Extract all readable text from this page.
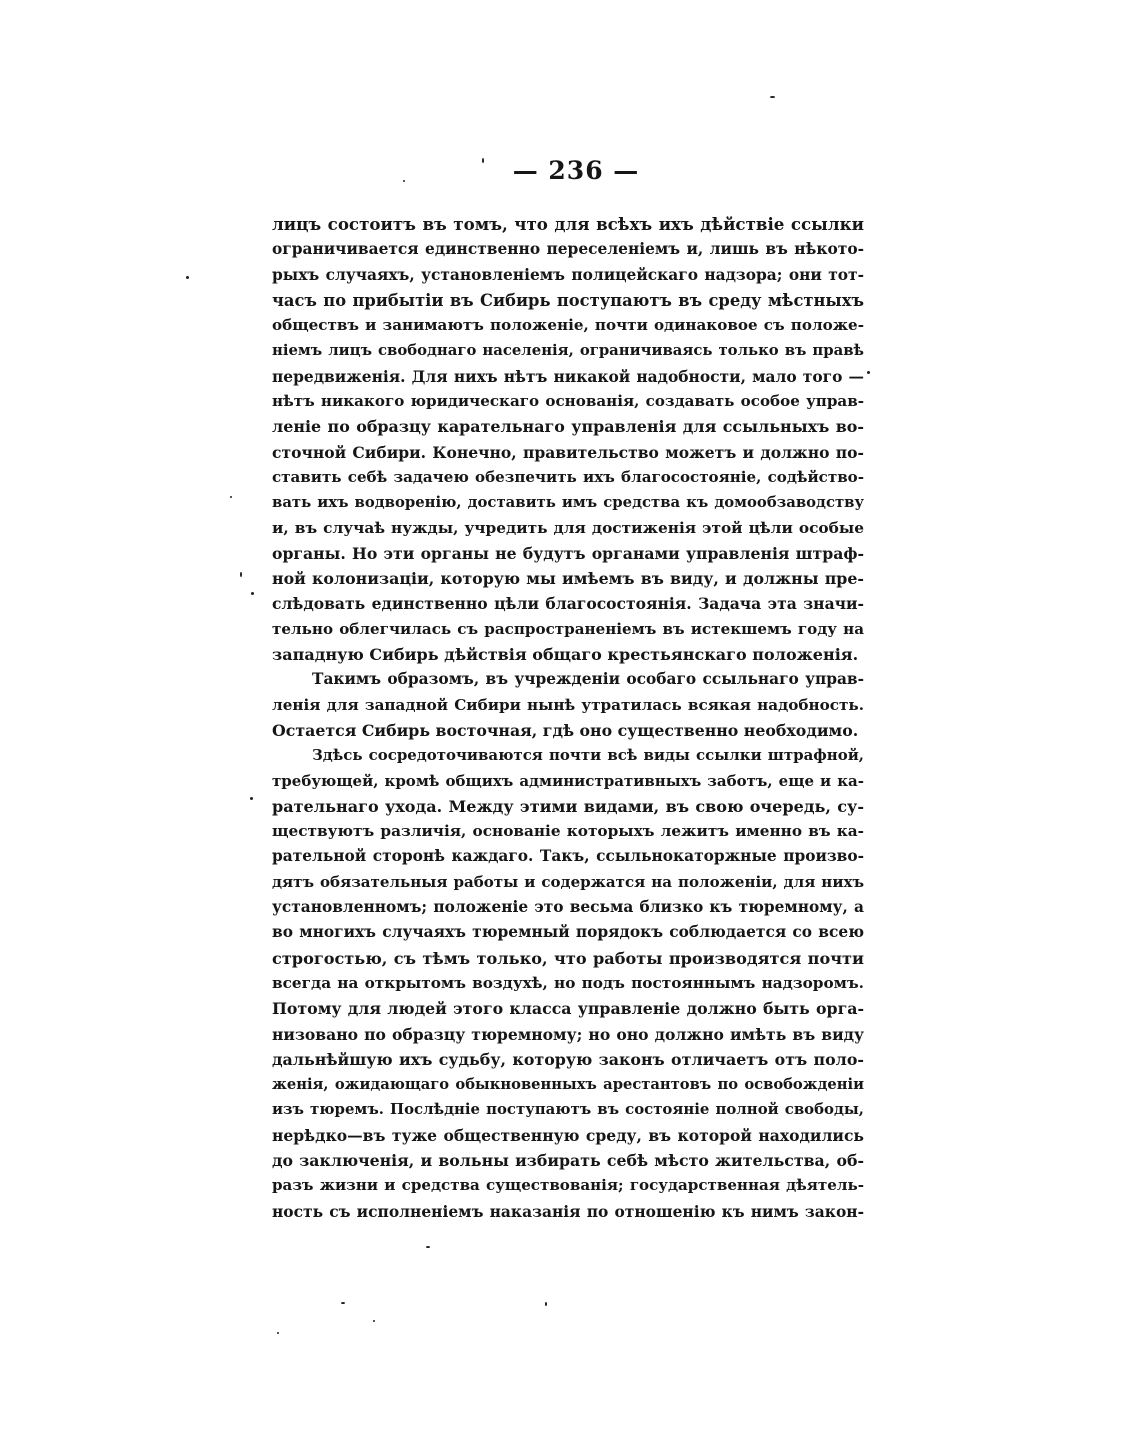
— 236 —
лицъ состоитъ въ томъ, что для всѣхъ ихъ дѣйствіе ссылки
ограничивается единственно переселеніемъ и, лишь въ нѣкото-
рыхъ случаяхъ, установленіемъ полицейскаго надзора; они тот-
часъ по прибытіи въ Сибирь поступаютъ въ среду мѣстныхъ
обществъ и занимаютъ положеніе, почти одинаковое съ положе-
ніемъ лицъ свободнаго населенія, ограничиваясь только въ правѣ
передвиженія. Для нихъ нѣтъ никакой надобности, мало того —
нѣтъ никакого юридическаго основанія, создавать особое управ-
леніе по образцу карательнаго управленія для ссыльныхъ во-
сточной Сибири. Конечно, правительство можетъ и должно по-
ставить себѣ задачею обезпечить ихъ благосостояніе, содѣйство-
вать ихъ водворенію, доставить имъ средства къ домообзаводству
и, въ случаѣ нужды, учредить для достиженія этой цѣли особые
органы. Но эти органы не будутъ органами управленія штраф-
ной колонизаціи, которую мы имѣемъ въ виду, и должны пре-
слѣдовать единственно цѣли благосостоянія. Задача эта значи-
тельно облегчилась съ распространеніемъ въ истекшемъ году на
западную Сибирь дѣйствія общаго крестьянскаго положенія.
Такимъ образомъ, въ учрежденіи особаго ссыльнаго управ-
ленія для западной Сибири нынѣ утратилась всякая надобность.
Остается Сибирь восточная, гдѣ оно существенно необходимо.
Здѣсь сосредоточиваются почти всѣ виды ссылки штрафной,
требующей, кромѣ общихъ административныхъ заботъ, еще и ка-
рательнаго ухода. Между этими видами, въ свою очередь, су-
ществуютъ различія, основаніе которыхъ лежитъ именно въ ка-
рательной сторонѣ каждаго. Такъ, ссыльнокаторжные произво-
дятъ обязательныя работы и содержатся на положеніи, для нихъ
установленномъ; положеніе это весьма близко къ тюремному, а
во многихъ случаяхъ тюремный порядокъ соблюдается со всею
строгостью, съ тѣмъ только, что работы производятся почти
всегда на открытомъ воздухѣ, но подъ постояннымъ надзоромъ.
Потому для людей этого класса управленіе должно быть орга-
низовано по образцу тюремному; но оно должно имѣть въ виду
дальнѣйшую ихъ судьбу, которую законъ отличаетъ отъ поло-
женія, ожидающаго обыкновенныхъ арестантовъ по освобожденіи
изъ тюремъ. Послѣдніе поступаютъ въ состояніе полной свободы,
нерѣдко—въ туже общественную среду, въ которой находились
до заключенія, и вольны избирать себѣ мѣсто жительства, об-
разъ жизни и средства существованія; государственная дѣятель-
ность съ исполненіемъ наказанія по отношенію къ нимъ закон-
